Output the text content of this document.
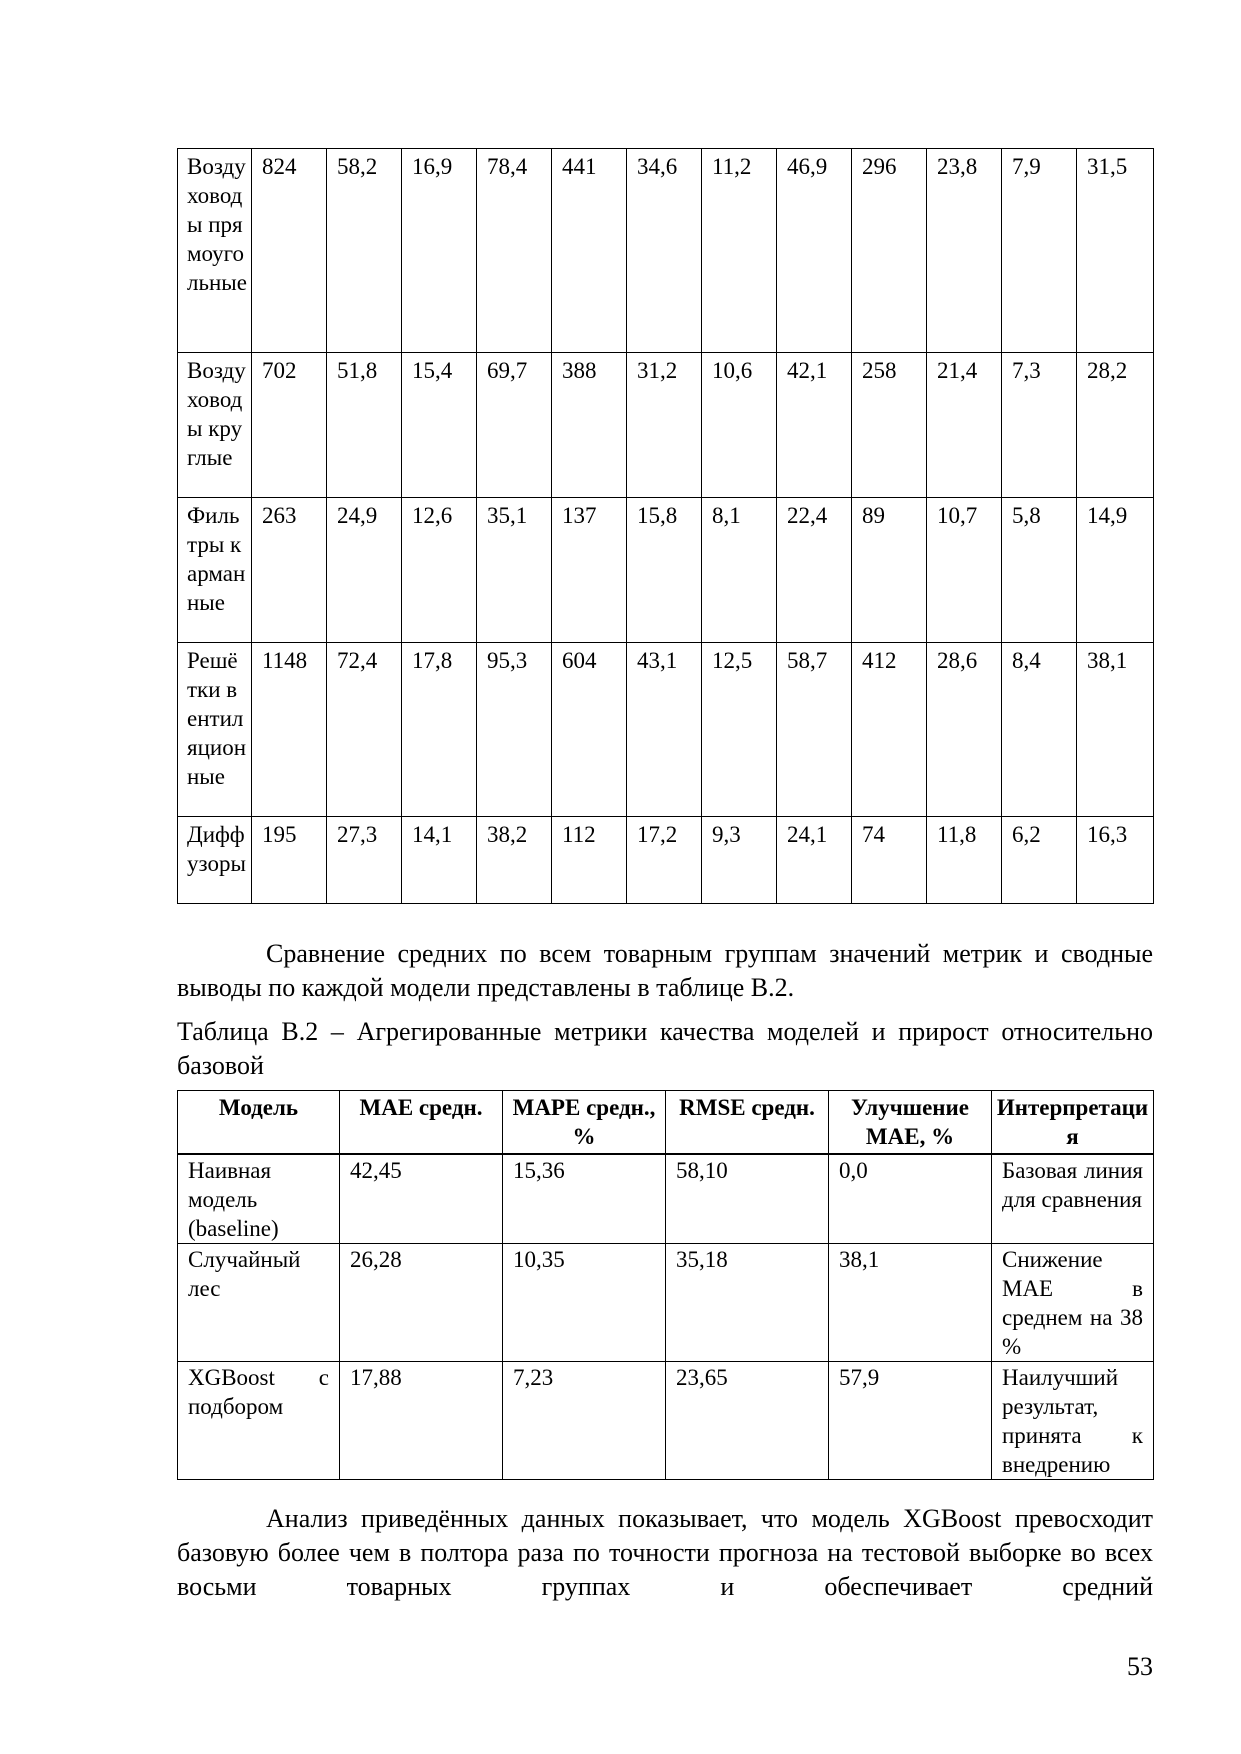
Воздуховоды прямоугольные	824	58,2	16,9	78,4	441	34,6	11,2	46,9	296	23,8	7,9	31,5
Воздуховоды круглые	702	51,8	15,4	69,7	388	31,2	10,6	42,1	258	21,4	7,3	28,2
Фильтры карманные	263	24,9	12,6	35,1	137	15,8	8,1	22,4	89	10,7	5,8	14,9
Решётки вентиляционные	1148	72,4	17,8	95,3	604	43,1	12,5	58,7	412	28,6	8,4	38,1
Диффузоры	195	27,3	14,1	38,2	112	17,2	9,3	24,1	74	11,8	6,2	16,3

Сравнение средних по всем товарным группам значений метрик и сводные выводы по каждой модели представлены в таблице В.2.

Таблица В.2 – Агрегированные метрики качества моделей и прирост относительно базовой

Модель	MAE средн.	MAPE средн., %	RMSE средн.	Улучшение MAE, %	Интерпретация
Наивная модель (baseline)	42,45	15,36	58,10	0,0	Базовая линия для сравнения
Случайный лес	26,28	10,35	35,18	38,1	Снижение MAE в среднем на 38 %
XGBoost с подбором	17,88	7,23	23,65	57,9	Наилучший результат, принята к внедрению

Анализ приведённых данных показывает, что модель XGBoost превосходит базовую более чем в полтора раза по точности прогноза на тестовой выборке во всех восьми товарных группах и обеспечивает средний

53
